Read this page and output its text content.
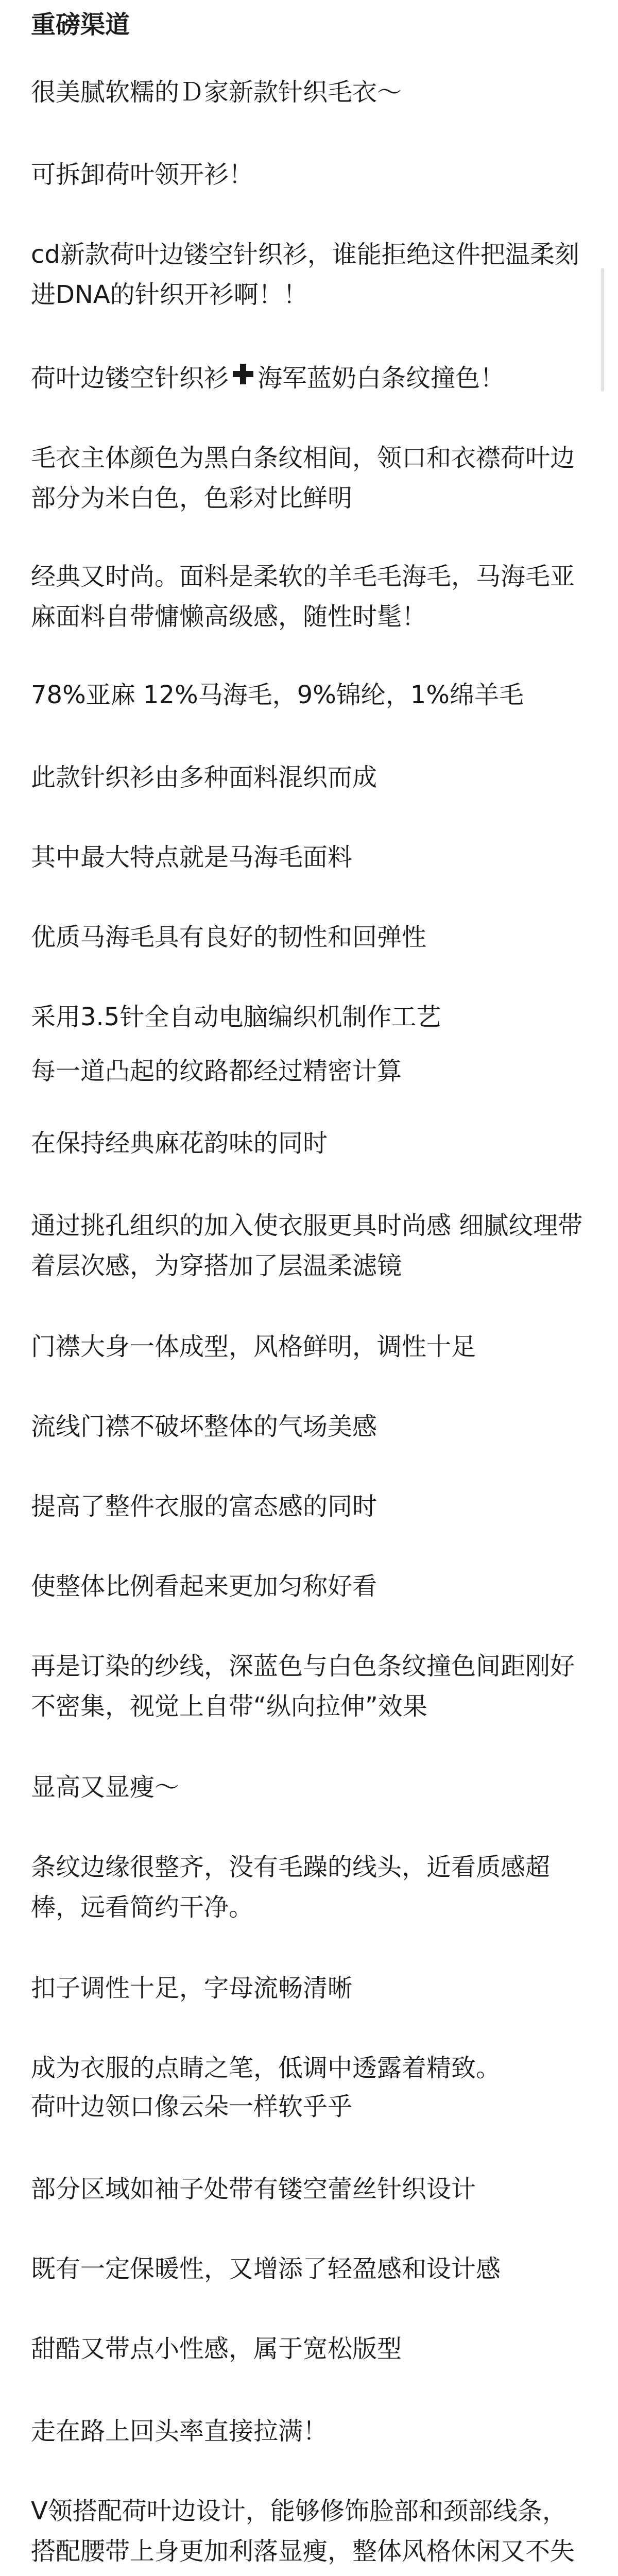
重磅渠道

很美腻软糯的Ｄ家新款针织毛衣～

可拆卸荷叶领开衫！

cd新款荷叶边镂空针织衫，谁能拒绝这件把温柔刻进DNA的针织开衫啊！！

荷叶边镂空针织衫 海军蓝奶白条纹撞色！

毛衣主体颜色为黑白条纹相间，领口和衣襟荷叶边部分为米白色，色彩对比鲜明

经典又时尚。面料是柔软的羊毛毛海毛，马海毛亚麻面料自带慵懒高级感，随性时髦！

78%亚麻 12%马海毛，9%锦纶，1%绵羊毛

此款针织衫由多种面料混织而成

其中最大特点就是马海毛面料

优质马海毛具有良好的韧性和回弹性

采用3.5针全自动电脑编织机制作工艺

每一道凸起的纹路都经过精密计算

在保持经典麻花韵味的同时

通过挑孔组织的加入使衣服更具时尚感 细腻纹理带着层次感，为穿搭加了层温柔滤镜

门襟大身一体成型，风格鲜明，调性十足

流线门襟不破坏整体的气场美感

提高了整件衣服的富态感的同时

使整体比例看起来更加匀称好看

再是订染的纱线，深蓝色与白色条纹撞色间距刚好不密集，视觉上自带“纵向拉伸”效果

显高又显瘦～

条纹边缘很整齐，没有毛躁的线头，近看质感超棒，远看简约干净。

扣子调性十足，字母流畅清晰

成为衣服的点睛之笔，低调中透露着精致。

荷叶边领口像云朵一样软乎乎

部分区域如袖子处带有镂空蕾丝针织设计

既有一定保暖性，又增添了轻盈感和设计感

甜酷又带点小性感，属于宽松版型

走在路上回头率直接拉满！

V领搭配荷叶边设计，能够修饰脸部和颈部线条，搭配腰带上身更加利落显瘦，整体风格休闲又不失
